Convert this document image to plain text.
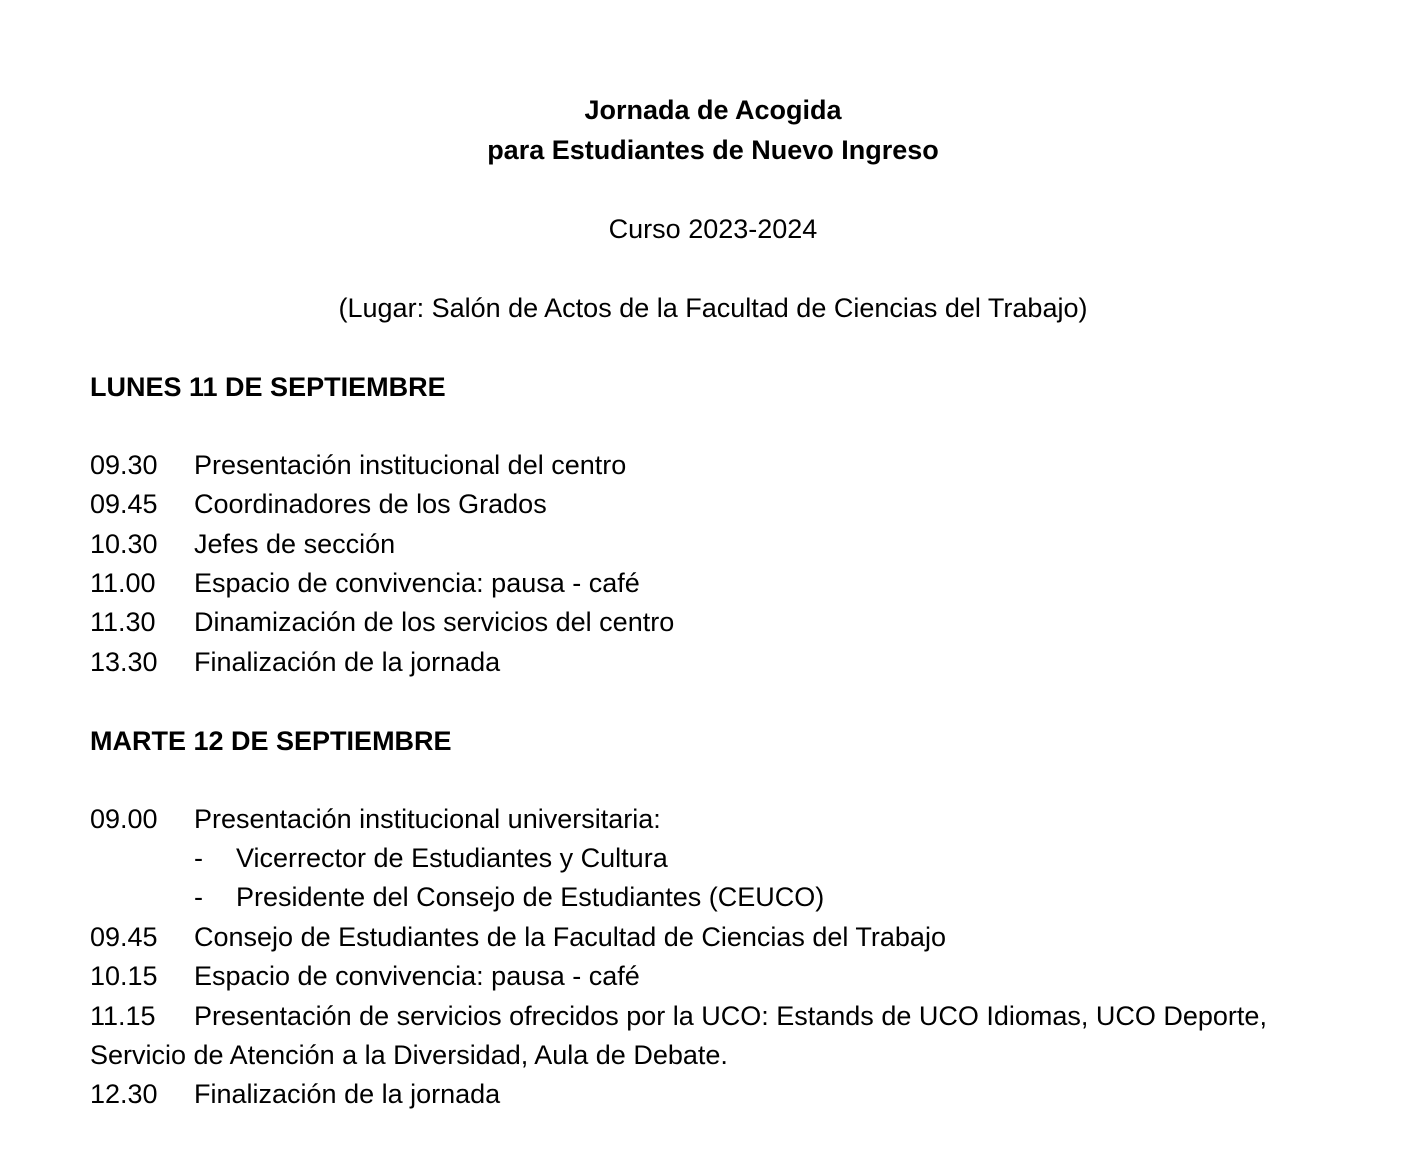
Jornada de Acogida
para Estudiantes de Nuevo Ingreso
Curso 2023-2024
(Lugar: Salón de Actos de la Facultad de Ciencias del Trabajo)
LUNES 11 DE SEPTIEMBRE
09.30 Presentación institucional del centro
09.45 Coordinadores de los Grados
10.30 Jefes de sección
11.00 Espacio de convivencia: pausa - café
11.30 Dinamización de los servicios del centro
13.30 Finalización de la jornada
MARTE 12 DE SEPTIEMBRE
09.00 Presentación institucional universitaria:
- Vicerrector de Estudiantes y Cultura
- Presidente del Consejo de Estudiantes (CEUCO)
09.45 Consejo de Estudiantes de la Facultad de Ciencias del Trabajo
10.15 Espacio de convivencia: pausa - café
11.15 Presentación de servicios ofrecidos por la UCO: Estands de UCO Idiomas, UCO Deporte,
Servicio de Atención a la Diversidad, Aula de Debate.
12.30 Finalización de la jornada
